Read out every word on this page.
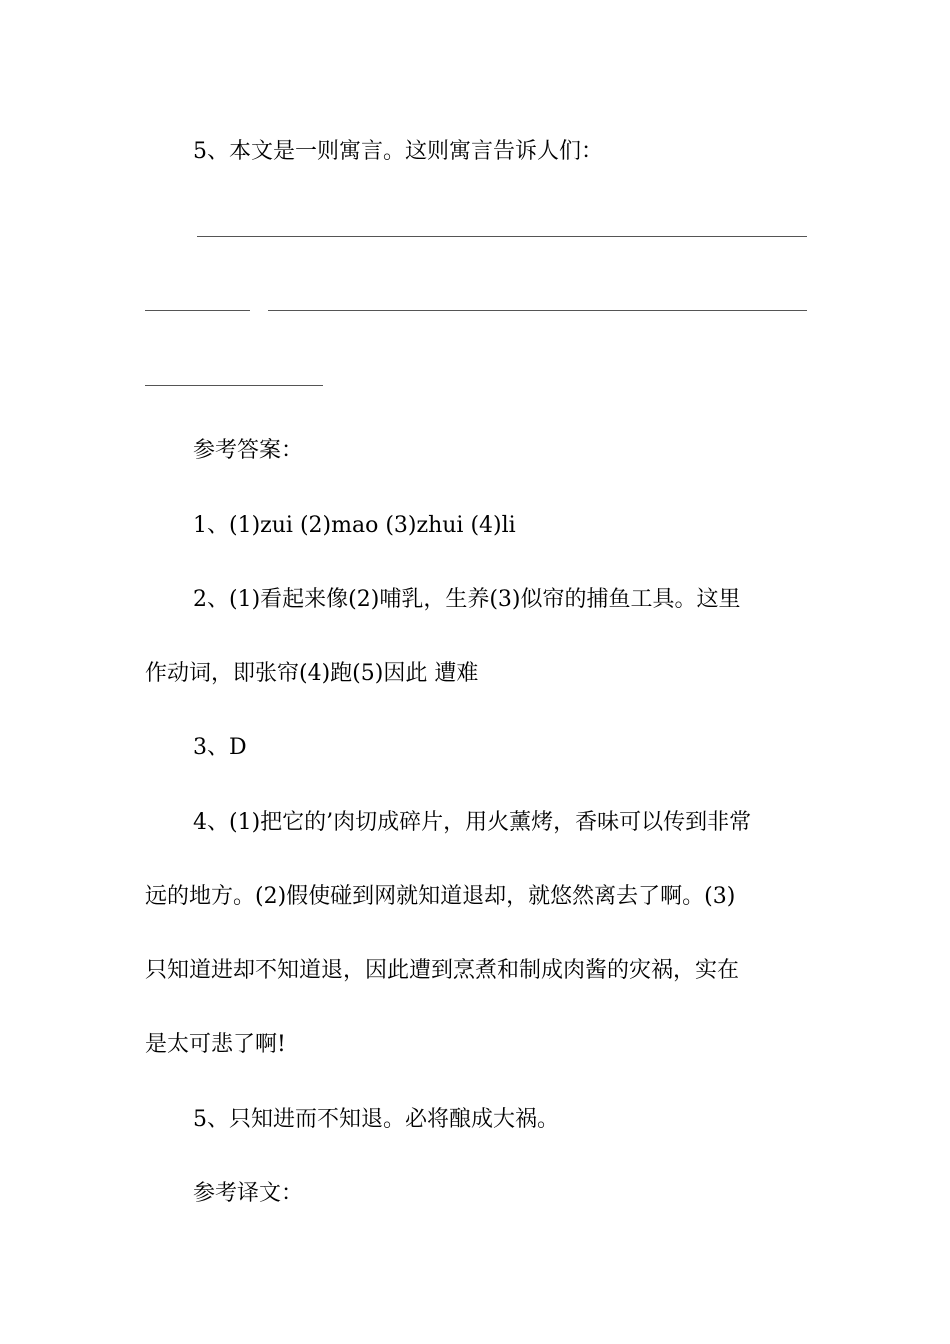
5、本文是一则寓言。这则寓言告诉人们：
参考答案：
1、(1)zui (2)mao (3)zhui (4)li
2、(1)看起来像(2)哺乳，生养(3)似帘的捕鱼工具。这里
作动词，即张帘(4)跑(5)因此 遭难
3、D
4、(1)把它的’肉切成碎片，用火薰烤，香味可以传到非常
远的地方。(2)假使碰到网就知道退却，就悠然离去了啊。(3)
只知道进却不知道退，因此遭到烹煮和制成肉酱的灾祸，实在
是太可悲了啊!
5、只知进而不知退。必将酿成大祸。
参考译文：
